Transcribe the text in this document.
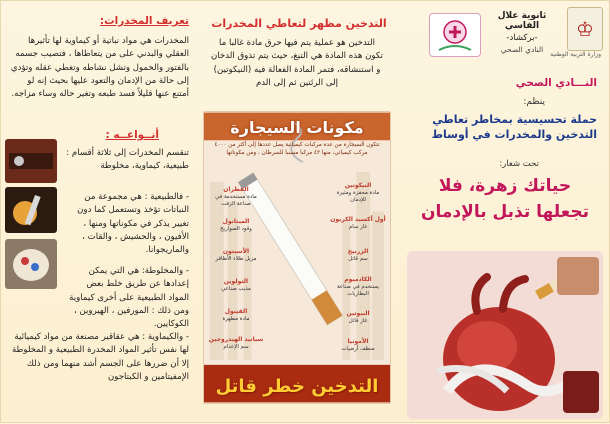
♔
وزارة التربية الوطنية
ثانوية علال الفاسي
-بركشاد-
النادي الصحي
النـــادي الصحي
ينظم:
حملة تحسيسية بمخاطر تعاطي التدخين والمخدرات في أوساط
تحت شعار:
حياتك زهرة، فلا تجعلها تذبل بالإدمان
التدخين مظهر لتعاطي المخدرات
التدخين هو عملية يتم فيها حرق مادة غالبا ما تكون هذه المادة هي التبغ، حيث يتم تذوق الدخان و استنشاقه، فتمر المادة الفعالة فيه (النيكوتين) إلى الرئتين ثم إلى الدم
مكونات السيجارة
تتكون السيجارة من عدة مركبات كيميائية يصل عددها إلى أكثر من ٤٠٠٠ مركب كيميائي، منها ٤٣ مركبا مسببا للسرطان ، ومن مكوناتها
النيكوتين
مادة محفزة ومثيرة للإدمان
أول أكسيد الكربون
غاز سام
الزرنيخ
سم قاتل
الكادميوم
يستخدم في صناعة البطاريات
البيوتين
غاز قاتل
الأمونيا
منظف أرضيات
القطران
مادة مستخدمة في صناعة الزفت
الميثانول
وقود الصواريخ
الأسيتون
مزيل طلاء الأظافر
التولوين
مذيب صناعي
الفينول
مادة مطهرة
سيانيد الهيدروجين
سم الإعدام
التدخين خطر قاتل
تعريف المخدرات:
المخدرات هي مواد نباتية أو كيماوية لها تأثيرها العقلي والبدني على من يتعاطاها ، فتصيب جسمه بالفتور والخمول وتشل نشاطه وتغطي عقله وتؤدي إلى حالة من الإدمان والتعود عليها بحيث إنه لو أمتنع عنها قليلاً فسد طبعه وتغير حاله وساء مزاجه.
أنــواعــه :
تنقسم المخدرات إلى ثلاثة أقسام : طبيعية، كيماوية، مخلوطة
- فالطبيعية : هي مجموعة من النباتات تؤخذ وتستعمل كما دون تغيير يذكر في مكوناتها ومنها ، الأفيون ، والحشيش ، والقات ، والماريجوانا.
- والمخلوطة: هي التي يمكن إعدادها عن طريق خلط بعض المواد الطبيعية على أخرى كيماوية ومن ذلك : المورفين ، الهيروين ، الكوكايين.
- والكيماوية : هي عقاقير مصنعة من مواد كيميائية لها نفس تأثير المواد المخدرة الطبيعية و المخلوطة إلا أن ضررها على الجسم أشد منهما ومن ذلك الإمفيتامين و الكبتاجون
